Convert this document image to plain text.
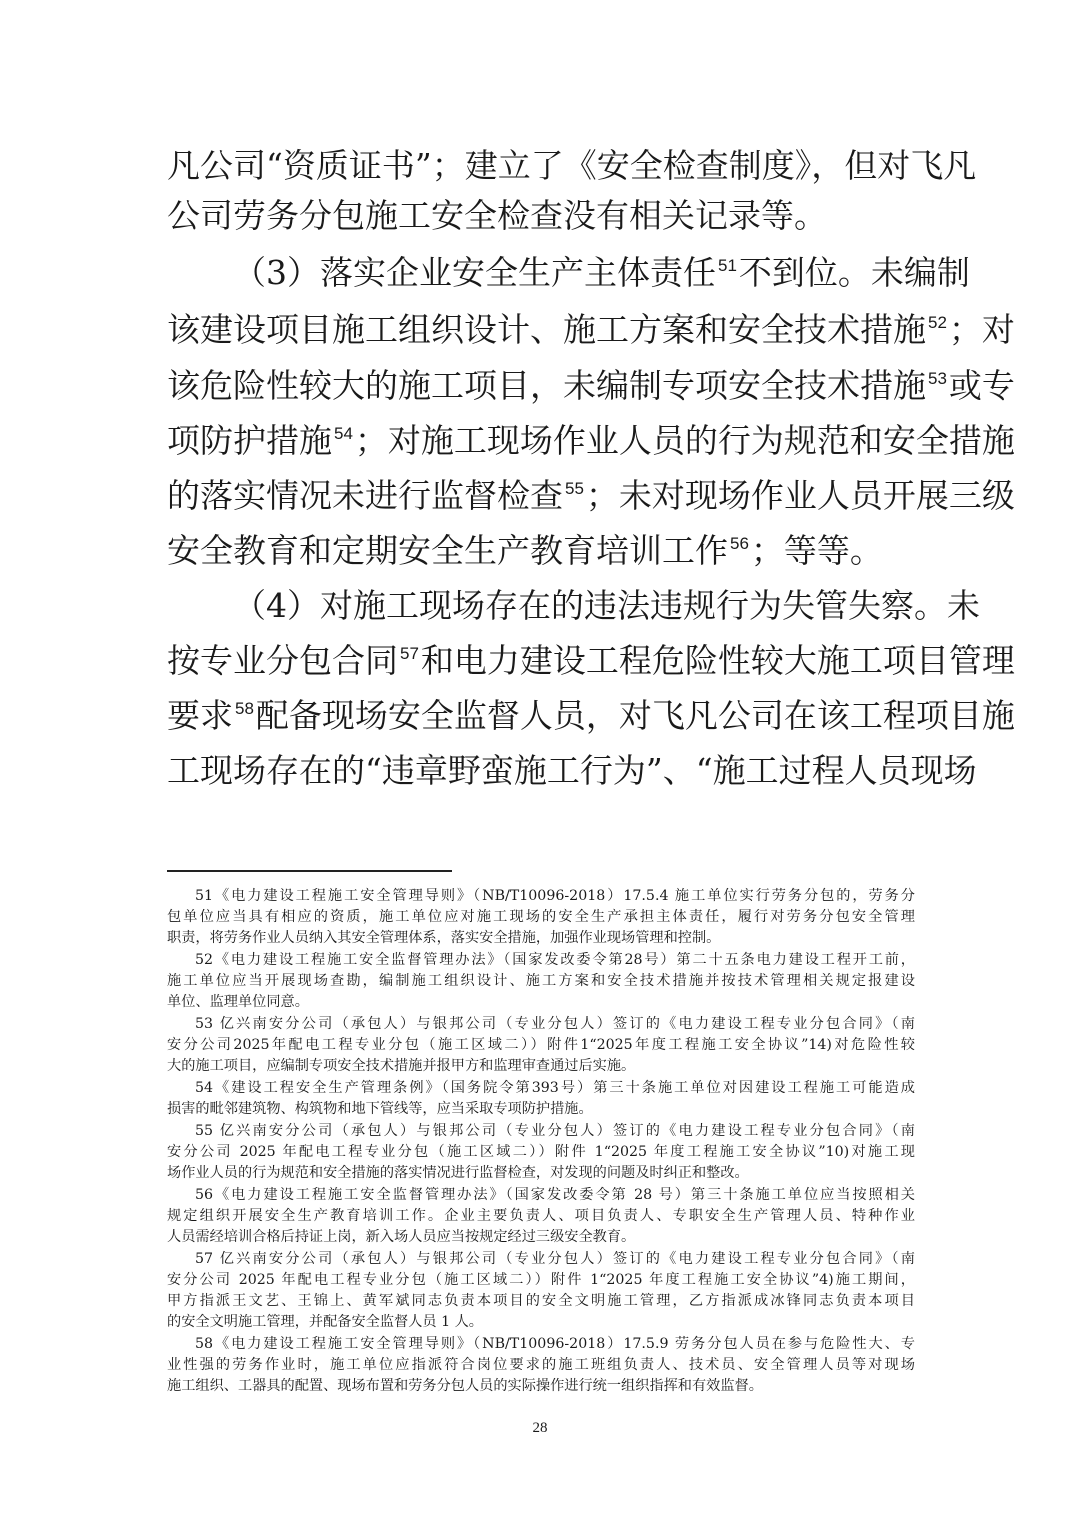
凡公司“资质证书”；建立了《安全检查制度》，但对飞凡
公司劳务分包施工安全检查没有相关记录等。
（3）落实企业安全生产主体责任 $^{51}$不到位。未编制
该建设项目施工组织设计、施工方案和安全技术措施 $^{52}$；对
该危险性较大的施工项目，未编制专项安全技术措施 $^{53}$或专
项防护措施 $^{54}$；对施工现场作业人员的行为规范和安全措施
的落实情况未进行监督检查 $^{55}$；未对现场作业人员开展三级
安全教育和定期安全生产教育培训工作 $^{56}$；等等。
（4）对施工现场存在的违法违规行为失管失察。未
按专业分包合同 $^{57}$和电力建设工程危险性较大施工项目管理
要求 $^{58}$配备现场安全监督人员，对飞凡公司在该工程项目施
工现场存在的“违章野蛮施工行为”、“施工过程人员现场
51《电力建设工程施工安全管理导则》（NB/T10096-2018）17.5.4 施工单位实行劳务分包的，劳务分
包单位应当具有相应的资质，施工单位应对施工现场的安全生产承担主体责任，履行对劳务分包安全管理
职责，将劳务作业人员纳入其安全管理体系，落实安全措施，加强作业现场管理和控制。
52《电力建设工程施工安全监督管理办法》（国家发改委令第28号）第二十五条电力建设工程开工前，
施工单位应当开展现场查勘，编制施工组织设计、施工方案和安全技术措施并按技术管理相关规定报建设
单位、监理单位同意。
53 亿兴南安分公司（承包人）与银邦公司（专业分包人）签订的《电力建设工程专业分包合同》（南
安分公司2025年配电工程专业分包（施工区域二））附件1“2025年度工程施工安全协议”14)对危险性较
大的施工项目，应编制专项安全技术措施并报甲方和监理审查通过后实施。
54《建设工程安全生产管理条例》（国务院令第393号）第三十条施工单位对因建设工程施工可能造成
损害的毗邻建筑物、构筑物和地下管线等，应当采取专项防护措施。
55 亿兴南安分公司（承包人）与银邦公司（专业分包人）签订的《电力建设工程专业分包合同》（南
安分公司 2025 年配电工程专业分包（施工区域二））附件 1“2025 年度工程施工安全协议”10)对施工现
场作业人员的行为规范和安全措施的落实情况进行监督检查，对发现的问题及时纠正和整改。
56《电力建设工程施工安全监督管理办法》（国家发改委令第 28 号）第三十条施工单位应当按照相关
规定组织开展安全生产教育培训工作。企业主要负责人、项目负责人、专职安全生产管理人员、特种作业
人员需经培训合格后持证上岗，新入场人员应当按规定经过三级安全教育。
57 亿兴南安分公司（承包人）与银邦公司（专业分包人）签订的《电力建设工程专业分包合同》（南
安分公司 2025 年配电工程专业分包（施工区域二））附件 1“2025 年度工程施工安全协议”4)施工期间，
甲方指派王文艺、王锦上、黄军斌同志负责本项目的安全文明施工管理，乙方指派成冰锋同志负责本项目
的安全文明施工管理，并配备安全监督人员 1 人。
58《电力建设工程施工安全管理导则》（NB/T10096-2018）17.5.9 劳务分包人员在参与危险性大、专
业性强的劳务作业时，施工单位应指派符合岗位要求的施工班组负责人、技术员、安全管理人员等对现场
施工组织、工器具的配置、现场布置和劳务分包人员的实际操作进行统一组织指挥和有效监督。
28
